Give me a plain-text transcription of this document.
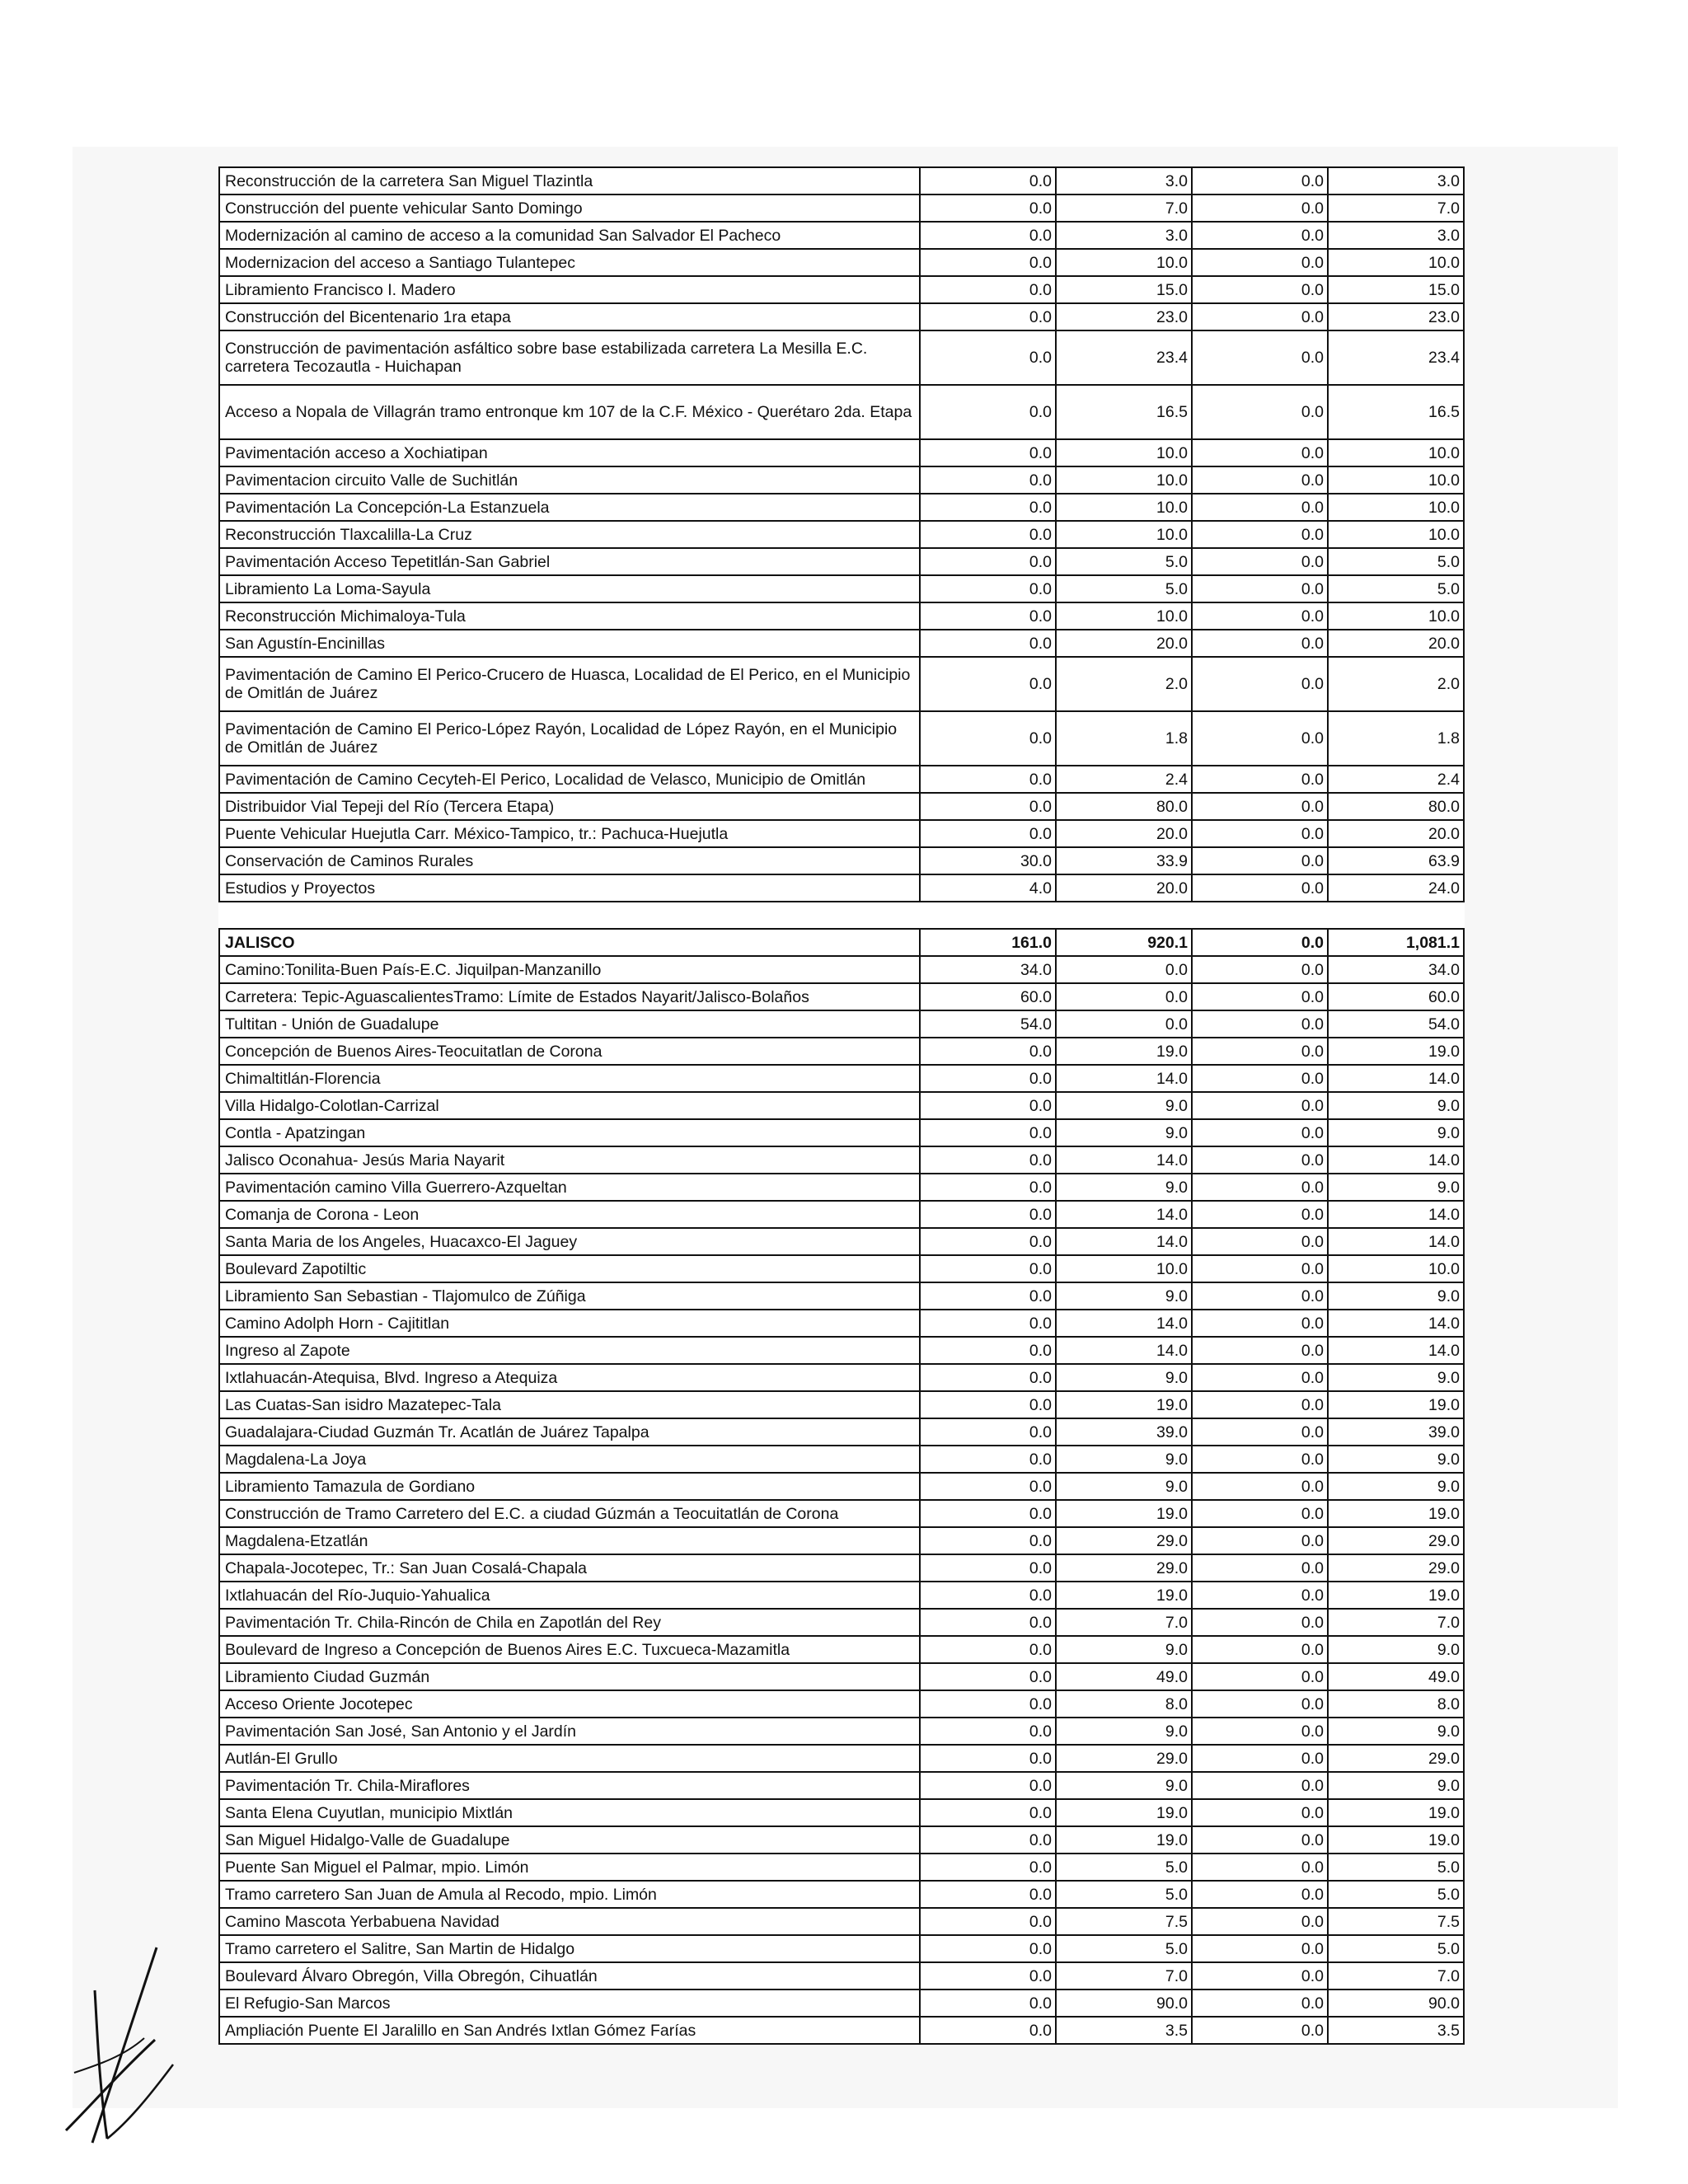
Reconstrucción de la carretera San Miguel Tlazintla	0.0	3.0	0.0	3.0
Construcción del puente vehicular Santo Domingo	0.0	7.0	0.0	7.0
Modernización al camino de acceso a la comunidad San Salvador El Pacheco	0.0	3.0	0.0	3.0
Modernizacion del acceso a Santiago Tulantepec	0.0	10.0	0.0	10.0
Libramiento Francisco I. Madero	0.0	15.0	0.0	15.0
Construcción del Bicentenario 1ra etapa	0.0	23.0	0.0	23.0
Construcción de pavimentación asfáltico sobre base estabilizada carretera La Mesilla E.C. carretera Tecozautla - Huichapan	0.0	23.4	0.0	23.4
Acceso a Nopala de Villagrán tramo entronque km 107 de la C.F. México - Querétaro 2da. Etapa	0.0	16.5	0.0	16.5
Pavimentación acceso a Xochiatipan	0.0	10.0	0.0	10.0
Pavimentacion circuito Valle de Suchitlán	0.0	10.0	0.0	10.0
Pavimentación La Concepción-La Estanzuela	0.0	10.0	0.0	10.0
Reconstrucción Tlaxcalilla-La Cruz	0.0	10.0	0.0	10.0
Pavimentación Acceso Tepetitlán-San Gabriel	0.0	5.0	0.0	5.0
Libramiento La Loma-Sayula	0.0	5.0	0.0	5.0
Reconstrucción Michimaloya-Tula	0.0	10.0	0.0	10.0
San Agustín-Encinillas	0.0	20.0	0.0	20.0
Pavimentación de Camino El Perico-Crucero de Huasca, Localidad de El Perico, en el Municipio de Omitlán de Juárez	0.0	2.0	0.0	2.0
Pavimentación de Camino El Perico-López Rayón, Localidad de López Rayón, en el Municipio de Omitlán de Juárez	0.0	1.8	0.0	1.8
Pavimentación de Camino Cecyteh-El Perico, Localidad de Velasco, Municipio de Omitlán	0.0	2.4	0.0	2.4
Distribuidor Vial Tepeji del Río (Tercera Etapa)	0.0	80.0	0.0	80.0
Puente Vehicular Huejutla Carr. México-Tampico, tr.: Pachuca-Huejutla	0.0	20.0	0.0	20.0
Conservación de Caminos Rurales	30.0	33.9	0.0	63.9
Estudios y Proyectos	4.0	20.0	0.0	24.0

JALISCO	161.0	920.1	0.0	1,081.1
Camino:Tonilita-Buen País-E.C. Jiquilpan-Manzanillo	34.0	0.0	0.0	34.0
Carretera: Tepic-AguascalientesTramo: Límite de Estados Nayarit/Jalisco-Bolaños	60.0	0.0	0.0	60.0
Tultitan - Unión de Guadalupe	54.0	0.0	0.0	54.0
Concepción de Buenos Aires-Teocuitatlan de Corona	0.0	19.0	0.0	19.0
Chimaltitlán-Florencia	0.0	14.0	0.0	14.0
Villa Hidalgo-Colotlan-Carrizal	0.0	9.0	0.0	9.0
Contla - Apatzingan	0.0	9.0	0.0	9.0
Jalisco Oconahua- Jesús Maria Nayarit	0.0	14.0	0.0	14.0
Pavimentación camino Villa Guerrero-Azqueltan	0.0	9.0	0.0	9.0
Comanja de Corona - Leon	0.0	14.0	0.0	14.0
Santa Maria de los Angeles, Huacaxco-El Jaguey	0.0	14.0	0.0	14.0
Boulevard Zapotiltic	0.0	10.0	0.0	10.0
Libramiento San Sebastian - Tlajomulco de Zúñiga	0.0	9.0	0.0	9.0
Camino Adolph Horn - Cajititlan	0.0	14.0	0.0	14.0
Ingreso al Zapote	0.0	14.0	0.0	14.0
Ixtlahuacán-Atequisa, Blvd. Ingreso a Atequiza	0.0	9.0	0.0	9.0
Las Cuatas-San isidro Mazatepec-Tala	0.0	19.0	0.0	19.0
Guadalajara-Ciudad Guzmán Tr. Acatlán de Juárez Tapalpa	0.0	39.0	0.0	39.0
Magdalena-La Joya	0.0	9.0	0.0	9.0
Libramiento Tamazula de Gordiano	0.0	9.0	0.0	9.0
Construcción de Tramo Carretero del E.C. a ciudad Gúzmán a Teocuitatlán de Corona	0.0	19.0	0.0	19.0
Magdalena-Etzatlán	0.0	29.0	0.0	29.0
Chapala-Jocotepec, Tr.: San Juan Cosalá-Chapala	0.0	29.0	0.0	29.0
Ixtlahuacán del Río-Juquio-Yahualica	0.0	19.0	0.0	19.0
Pavimentación Tr. Chila-Rincón de Chila en Zapotlán del Rey	0.0	7.0	0.0	7.0
Boulevard de Ingreso a Concepción de Buenos Aires E.C. Tuxcueca-Mazamitla	0.0	9.0	0.0	9.0
Libramiento Ciudad Guzmán	0.0	49.0	0.0	49.0
Acceso Oriente Jocotepec	0.0	8.0	0.0	8.0
Pavimentación San José, San Antonio y el Jardín	0.0	9.0	0.0	9.0
Autlán-El Grullo	0.0	29.0	0.0	29.0
Pavimentación Tr. Chila-Miraflores	0.0	9.0	0.0	9.0
Santa Elena Cuyutlan, municipio Mixtlán	0.0	19.0	0.0	19.0
San Miguel Hidalgo-Valle de Guadalupe	0.0	19.0	0.0	19.0
Puente San Miguel el Palmar, mpio. Limón	0.0	5.0	0.0	5.0
Tramo carretero San Juan de Amula al Recodo, mpio. Limón	0.0	5.0	0.0	5.0
Camino Mascota Yerbabuena Navidad	0.0	7.5	0.0	7.5
Tramo carretero el Salitre, San Martin de Hidalgo	0.0	5.0	0.0	5.0
Boulevard Álvaro Obregón, Villa Obregón, Cihuatlán	0.0	7.0	0.0	7.0
El Refugio-San Marcos	0.0	90.0	0.0	90.0
Ampliación Puente El Jaralillo en San Andrés Ixtlan Gómez Farías	0.0	3.5	0.0	3.5
